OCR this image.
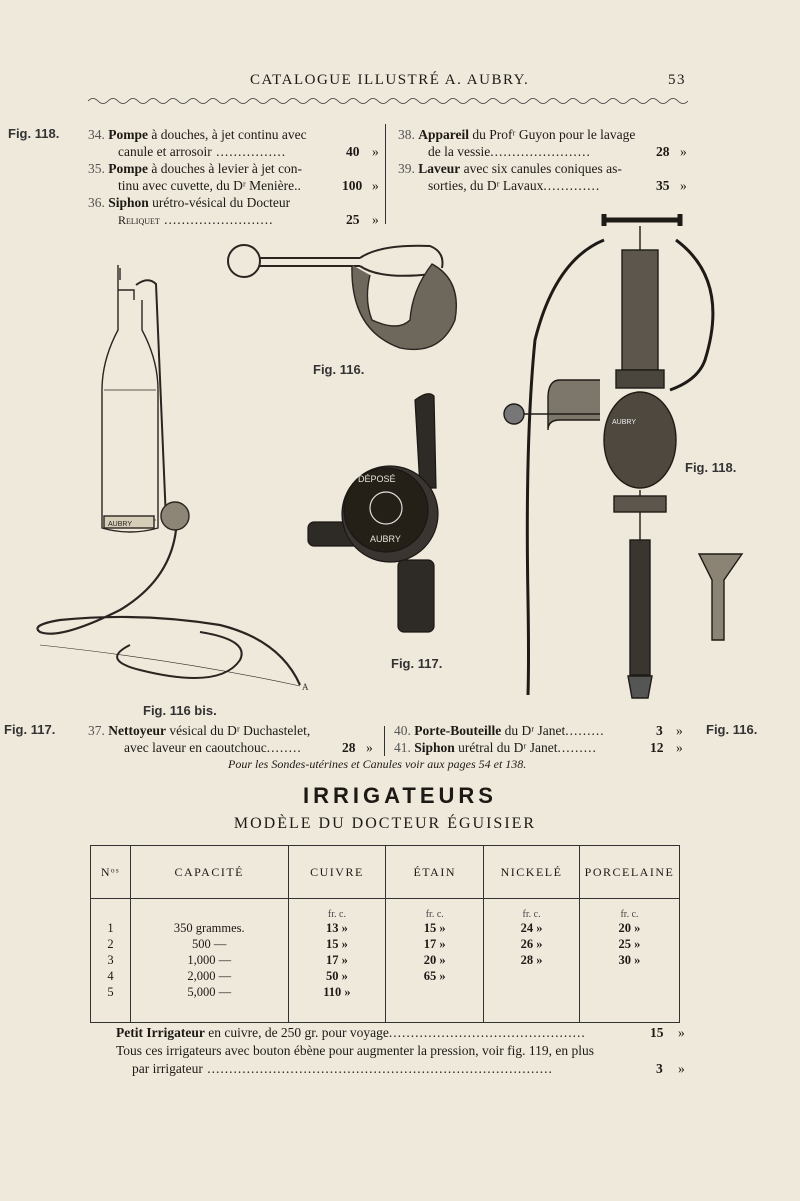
CATALOGUE ILLUSTRÉ A. AUBRY.	53
Fig. 118.
Fig. 117.	Fig. 116.
34. Pompe à douches, à jet continu avec
canule et arrosoir ................	40 »
35. Pompe à douches à levier à jet con-
tinu avec cuvette, du Dʳ Menière..	100 »
36. Siphon urétro-vésical du Docteur
Reliquet .........................	25 »
38. Appareil du Profʳ Guyon pour le lavage
de la vessie.......................	28 »
39. Laveur avec six canules coniques as-
sorties, du Dʳ Lavaux.............	35 »
A
AUBRY
DÉPOSÉ
AUBRY
AUBRY
Fig. 116.
Fig. 118.
Fig. 117.
Fig. 116 bis.
37. Nettoyeur vésical du Dʳ Duchastelet,
avec laveur en caoutchouc........	28 »
40. Porte-Bouteille du Dʳ Janet.........	3 »
41. Siphon urétral du Dʳ Janet.........	12 »
Pour les Sondes-utérines et Canules voir aux pages 54 et 138.
IRRIGATEURS
MODÈLE DU DOCTEUR ÉGUISIER
Nᵒˢ	CAPACITÉ	CUIVRE	ÉTAIN	NICKELÉ	PORCELAINE
		fr. c.	fr. c.	fr. c.	fr. c.
1	350 grammes.	13 »	15 »	24 »	20 »
2	500 —	15 »	17 »	26 »	25 »
3	1,000 —	17 »	20 »	28 »	30 »
4	2,000 —	50 »	65 »		
5	5,000 —	110 »			

Petit Irrigateur en cuivre, de 250 gr. pour voyage.............................................	15 »
Tous ces irrigateurs avec bouton ébène pour augmenter la pression, voir fig. 119, en plus
par irrigateur ...............................................................................	3 »
